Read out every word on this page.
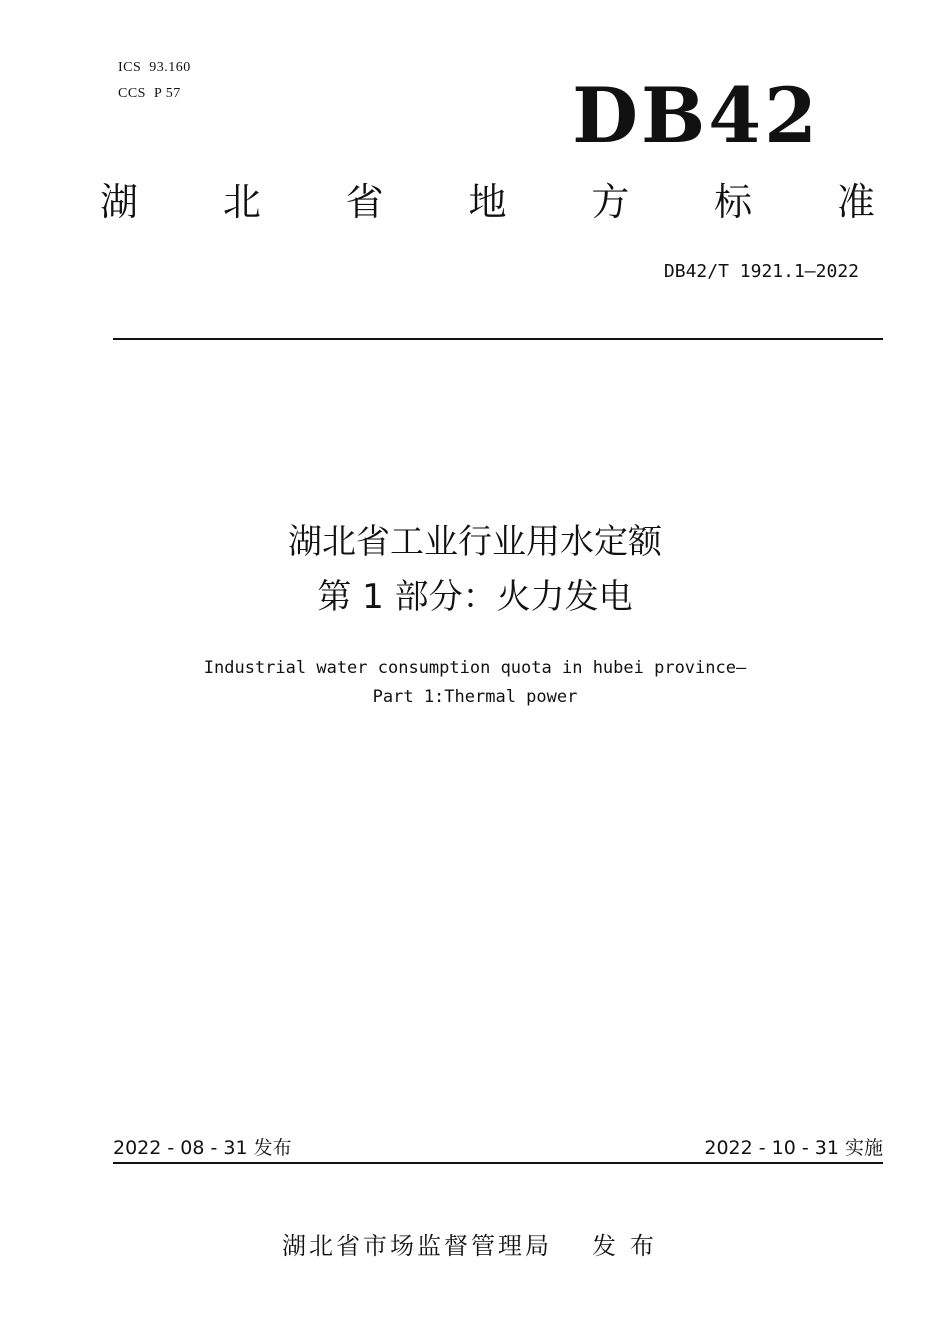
ICS 93.160

CCS P 57	DB42
湖 北 省 地 方 标 准
DB42/T 1921.1—2022
湖北省工业行业用水定额
第 1 部分：火力发电
Industrial water consumption quota in hubei province—
Part 1:Thermal power
2022 - 08 - 31 发布	2022 - 10 - 31 实施
湖北省市场监督管理局 发布
